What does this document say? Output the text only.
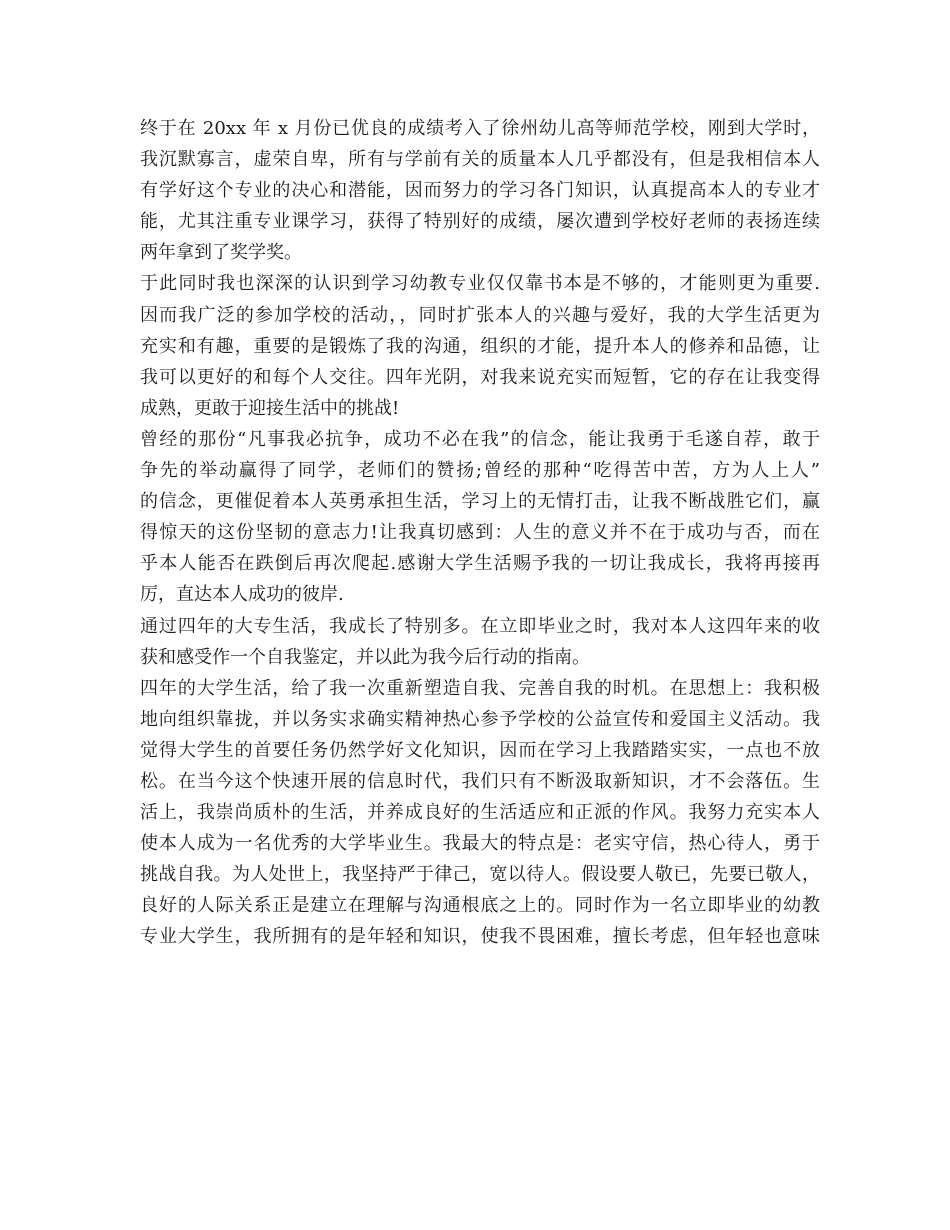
终于在 20xx 年 x 月份已优良的成绩考入了徐州幼儿高等师范学校，刚到大学时，
我沉默寡言，虚荣自卑，所有与学前有关的质量本人几乎都没有，但是我相信本人
有学好这个专业的决心和潜能，因而努力的学习各门知识，认真提高本人的专业才
能，尤其注重专业课学习，获得了特别好的成绩，屡次遭到学校好老师的表扬连续
两年拿到了奖学奖。
于此同时我也深深的认识到学习幼教专业仅仅靠书本是不够的，才能则更为重要.
因而我广泛的参加学校的活动，，同时扩张本人的兴趣与爱好，我的大学生活更为
充实和有趣，重要的是锻炼了我的沟通，组织的才能，提升本人的修养和品德，让
我可以更好的和每个人交往。四年光阴，对我来说充实而短暂，它的存在让我变得
成熟，更敢于迎接生活中的挑战!
曾经的那份“凡事我必抗争，成功不必在我”的信念，能让我勇于毛遂自荐，敢于
争先的举动赢得了同学，老师们的赞扬;曾经的那种“吃得苦中苦，方为人上人”
的信念，更催促着本人英勇承担生活，学习上的无情打击，让我不断战胜它们，赢
得惊天的这份坚韧的意志力!让我真切感到：人生的意义并不在于成功与否，而在
乎本人能否在跌倒后再次爬起.感谢大学生活赐予我的一切让我成长，我将再接再
厉，直达本人成功的彼岸.
通过四年的大专生活，我成长了特别多。在立即毕业之时，我对本人这四年来的收
获和感受作一个自我鉴定，并以此为我今后行动的指南。
四年的大学生活，给了我一次重新塑造自我、完善自我的时机。在思想上：我积极
地向组织靠拢，并以务实求确实精神热心参予学校的公益宣传和爱国主义活动。我
觉得大学生的首要任务仍然学好文化知识，因而在学习上我踏踏实实，一点也不放
松。在当今这个快速开展的信息时代，我们只有不断汲取新知识，才不会落伍。生
活上，我崇尚质朴的生活，并养成良好的生活适应和正派的作风。我努力充实本人
使本人成为一名优秀的大学毕业生。我最大的特点是：老实守信，热心待人，勇于
挑战自我。为人处世上，我坚持严于律己，宽以待人。假设要人敬已，先要已敬人，
良好的人际关系正是建立在理解与沟通根底之上的。同时作为一名立即毕业的幼教
专业大学生，我所拥有的是年轻和知识，使我不畏困难，擅长考虑，但年轻也意味
